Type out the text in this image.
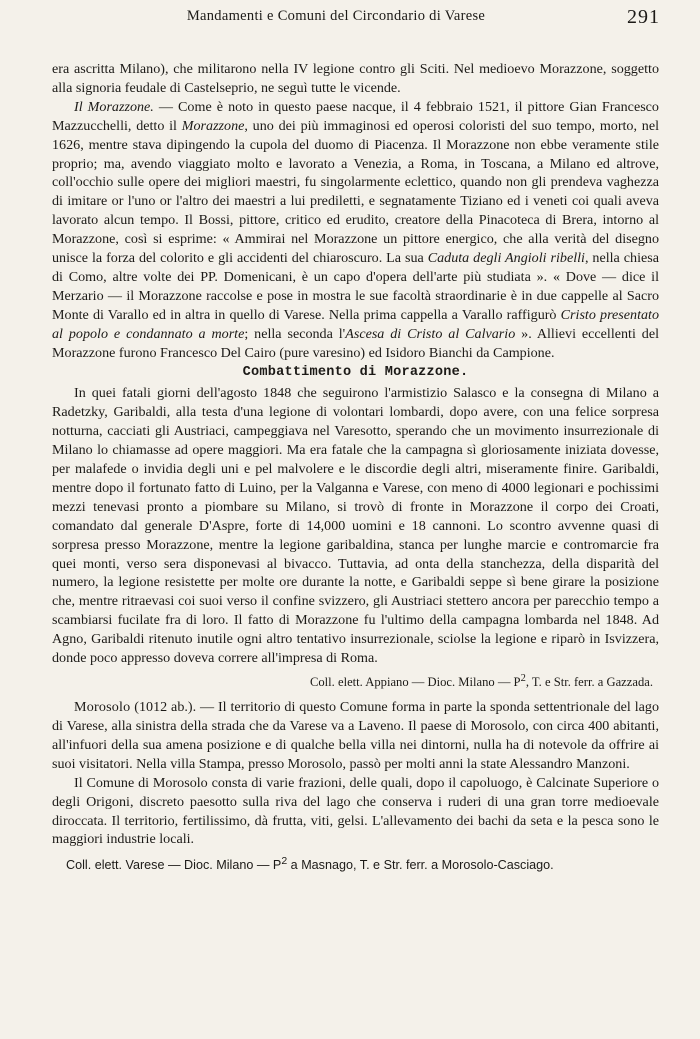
Mandamenti e Comuni del Circondario di Varese	291

era ascritta Milano), che militarono nella IV legione contro gli Sciti. Nel medioevo Morazzone, soggetto alla signoria feudale di Castelseprio, ne seguì tutte le vicende.

Il Morazzone. — Come è noto in questo paese nacque, il 4 febbraio 1521, il pittore Gian Francesco Mazzucchelli, detto il Morazzone, uno dei più immaginosi ed operosi coloristi del suo tempo, morto, nel 1626, mentre stava dipingendo la cupola del duomo di Piacenza. Il Morazzone non ebbe veramente stile proprio; ma, avendo viaggiato molto e lavorato a Venezia, a Roma, in Toscana, a Milano ed altrove, coll'occhio sulle opere dei migliori maestri, fu singolarmente eclettico, quando non gli prendeva vaghezza di imitare or l'uno or l'altro dei maestri a lui prediletti, e segnatamente Tiziano ed i veneti coi quali aveva lavorato alcun tempo. Il Bossi, pittore, critico ed erudito, creatore della Pinacoteca di Brera, intorno al Morazzone, così si esprime: « Ammirai nel Morazzone un pittore energico, che alla verità del disegno unisce la forza del colorito e gli accidenti del chiaroscuro. La sua Caduta degli Angioli ribelli, nella chiesa di Como, altre volte dei PP. Domenicani, è un capo d'opera dell'arte più studiata ». « Dove — dice il Merzario — il Morazzone raccolse e pose in mostra le sue facoltà straordinarie è in due cappelle al Sacro Monte di Varallo ed in altra in quello di Varese. Nella prima cappella a Varallo raffigurò Cristo presentato al popolo e condannato a morte; nella seconda l'Ascesa di Cristo al Calvario ». Allievi eccellenti del Morazzone furono Francesco Del Cairo (pure varesino) ed Isidoro Bianchi da Campione.

Combattimento di Morazzone.

In quei fatali giorni dell'agosto 1848 che seguirono l'armistizio Salasco e la consegna di Milano a Radetzky, Garibaldi, alla testa d'una legione di volontari lombardi, dopo avere, con una felice sorpresa notturna, cacciati gli Austriaci, campeggiava nel Varesotto, sperando che un movimento insurrezionale di Milano lo chiamasse ad opere maggiori. Ma era fatale che la campagna sì gloriosamente iniziata dovesse, per malafede o invidia degli uni e pel malvolere e le discordie degli altri, miseramente finire. Garibaldi, mentre dopo il fortunato fatto di Luino, per la Valganna e Varese, con meno di 4000 legionari e pochissimi mezzi tenevasi pronto a piombare su Milano, si trovò di fronte in Morazzone il corpo dei Croati, comandato dal generale D'Aspre, forte di 14,000 uomini e 18 cannoni. Lo scontro avvenne quasi di sorpresa presso Morazzone, mentre la legione garibaldina, stanca per lunghe marcie e contromarcie fra quei monti, verso sera disponevasi al bivacco. Tuttavia, ad onta della stanchezza, della disparità del numero, la legione resistette per molte ore durante la notte, e Garibaldi seppe sì bene girare la posizione che, mentre ritraevasi coi suoi verso il confine svizzero, gli Austriaci stettero ancora per parecchio tempo a scambiarsi fucilate fra di loro. Il fatto di Morazzone fu l'ultimo della campagna lombarda nel 1848. Ad Agno, Garibaldi ritenuto inutile ogni altro tentativo insurrezionale, sciolse la legione e riparò in Isvizzera, donde poco appresso doveva correre all'impresa di Roma.

Coll. elett. Appiano — Dioc. Milano — $P^2$, T. e Str. ferr. a Gazzada.

Morosolo (1012 ab.). — Il territorio di questo Comune forma in parte la sponda settentrionale del lago di Varese, alla sinistra della strada che da Varese va a Laveno. Il paese di Morosolo, con circa 400 abitanti, all'infuori della sua amena posizione e di qualche bella villa nei dintorni, nulla ha di notevole da offrire ai suoi visitatori. Nella villa Stampa, presso Morosolo, passò per molti anni la state Alessandro Manzoni.

Il Comune di Morosolo consta di varie frazioni, delle quali, dopo il capoluogo, è Calcinate Superiore o degli Origoni, discreto paesotto sulla riva del lago che conserva i ruderi di una gran torre medioevale diroccata. Il territorio, fertilissimo, dà frutta, viti, gelsi. L'allevamento dei bachi da seta e la pesca sono le maggiori industrie locali.

Coll. elett. Varese — Dioc. Milano — $P^2$ a Masnago, T. e Str. ferr. a Morosolo-Casciago.
